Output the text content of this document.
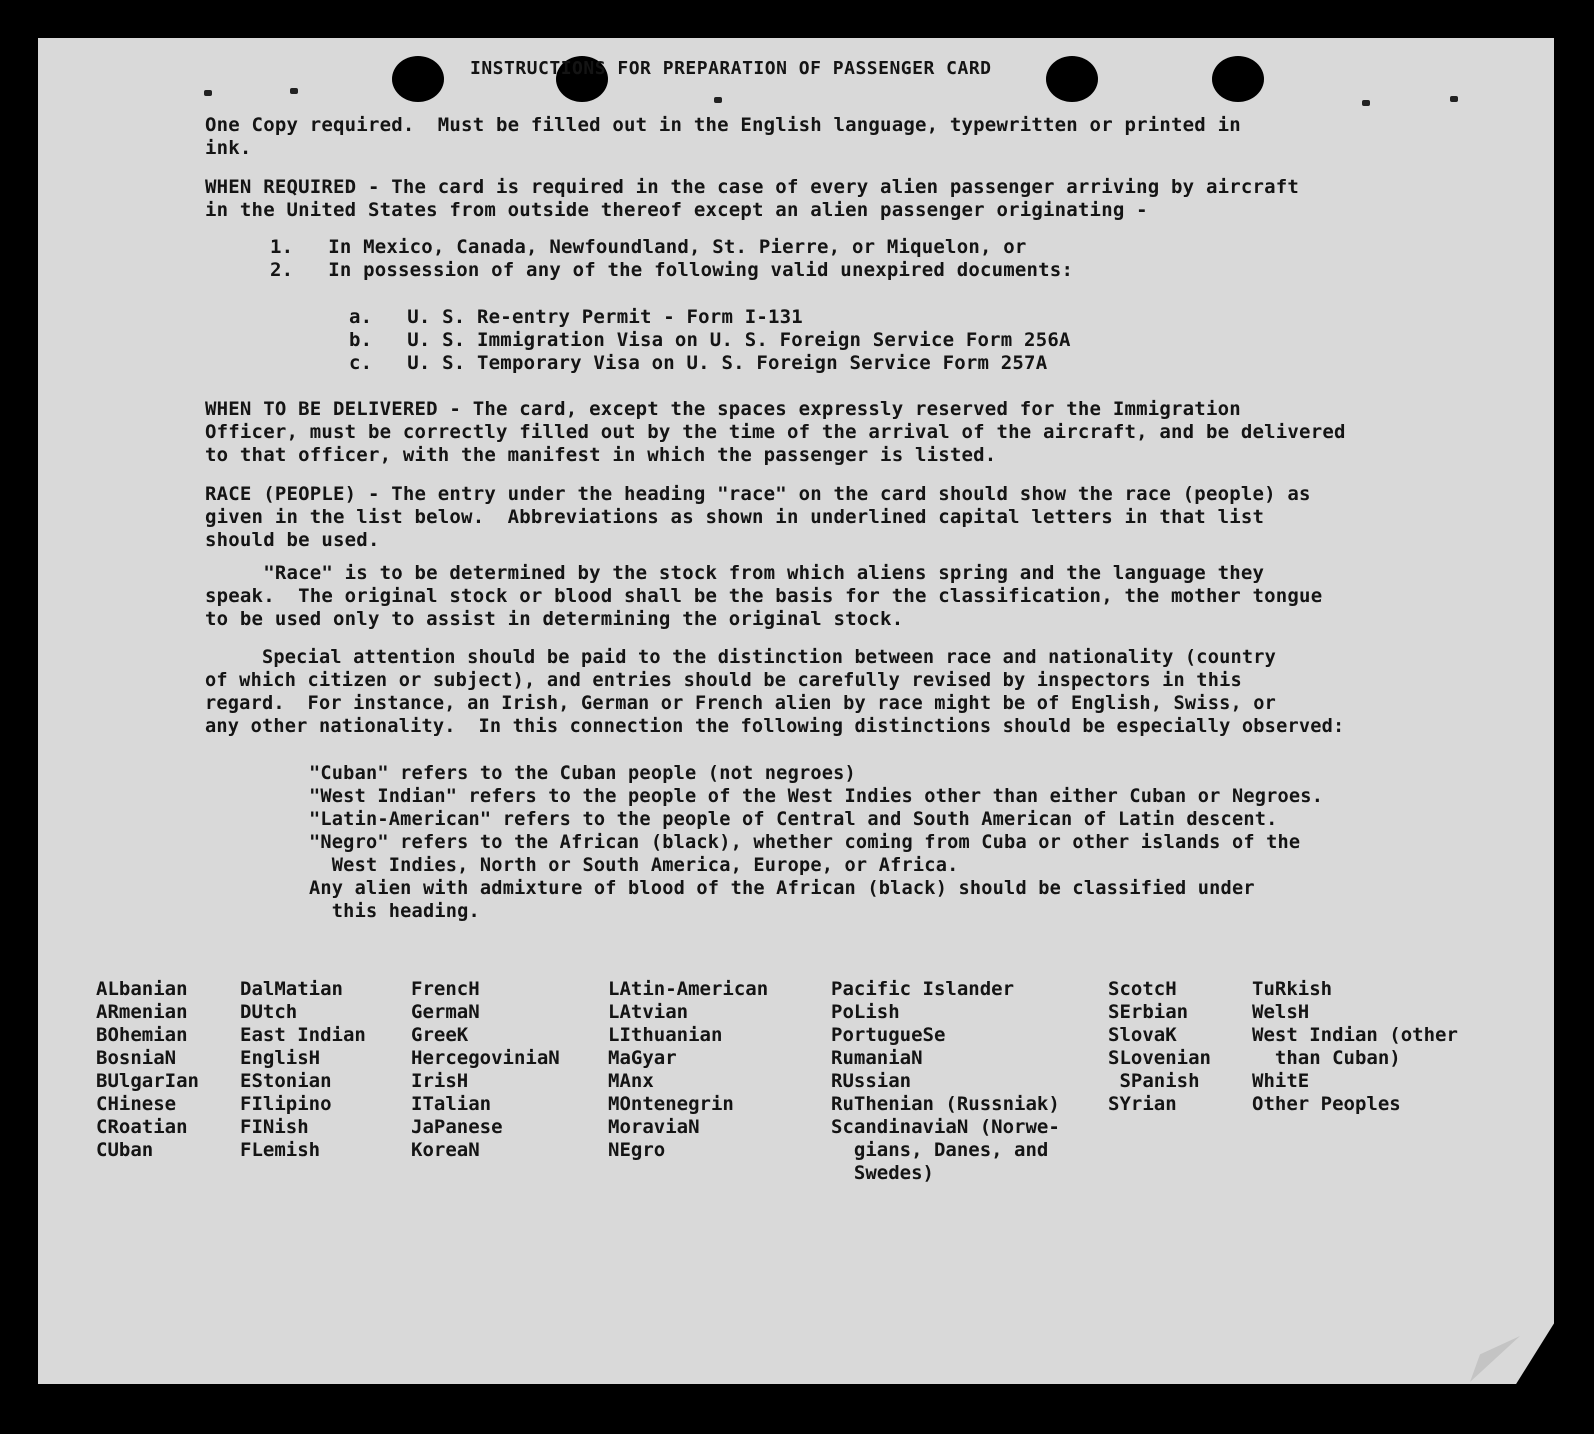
INSTRUCTIONS FOR PREPARATION OF PASSENGER CARD
One Copy required.  Must be filled out in the English language, typewritten or printed in
ink.
WHEN REQUIRED - The card is required in the case of every alien passenger arriving by aircraft
in the United States from outside thereof except an alien passenger originating -
1.   In Mexico, Canada, Newfoundland, St. Pierre, or Miquelon, or
2.   In possession of any of the following valid unexpired documents:
a.   U. S. Re-entry Permit - Form I-131
b.   U. S. Immigration Visa on U. S. Foreign Service Form 256A
c.   U. S. Temporary Visa on U. S. Foreign Service Form 257A
WHEN TO BE DELIVERED - The card, except the spaces expressly reserved for the Immigration
Officer, must be correctly filled out by the time of the arrival of the aircraft, and be delivered
to that officer, with the manifest in which the passenger is listed.
RACE (PEOPLE) - The entry under the heading "race" on the card should show the race (people) as
given in the list below.  Abbreviations as shown in underlined capital letters in that list
should be used.
"Race" is to be determined by the stock from which aliens spring and the language they
speak.  The original stock or blood shall be the basis for the classification, the mother tongue
to be used only to assist in determining the original stock.
Special attention should be paid to the distinction between race and nationality (country
of which citizen or subject), and entries should be carefully revised by inspectors in this
regard.  For instance, an Irish, German or French alien by race might be of English, Swiss, or
any other nationality.  In this connection the following distinctions should be especially observed:
"Cuban" refers to the Cuban people (not negroes)
"West Indian" refers to the people of the West Indies other than either Cuban or Negroes.
"Latin-American" refers to the people of Central and South American of Latin descent.
"Negro" refers to the African (black), whether coming from Cuba or other islands of the
West Indies, North or South America, Europe, or Africa.
Any alien with admixture of blood of the African (black) should be classified under
this heading.
ALbanian
ARmenian
BOhemian
BosniaN
BUlgarIan
CHinese
CRoatian
CUban
DalMatian
DUtch
East Indian
EnglisH
EStonian
FIlipino
FINish
FLemish
FrencH
GermaN
GreeK
HercegoviniaN
IrisH
ITalian
JaPanese
KoreaN
LAtin-American
LAtvian
LIthuanian
MaGyar
MAnx
MOntenegrin
MoraviaN
NEgro
Pacific Islander
PoLish
PortugueSe
RumaniaN
RUssian
RuThenian (Russniak)
ScandinaviaN (Norwe-
gians, Danes, and
Swedes)
ScotcH
SErbian
SlovaK
SLovenian
SPanish
SYrian
TuRkish
WelsH
West Indian (other
than Cuban)
WhitE
Other Peoples
